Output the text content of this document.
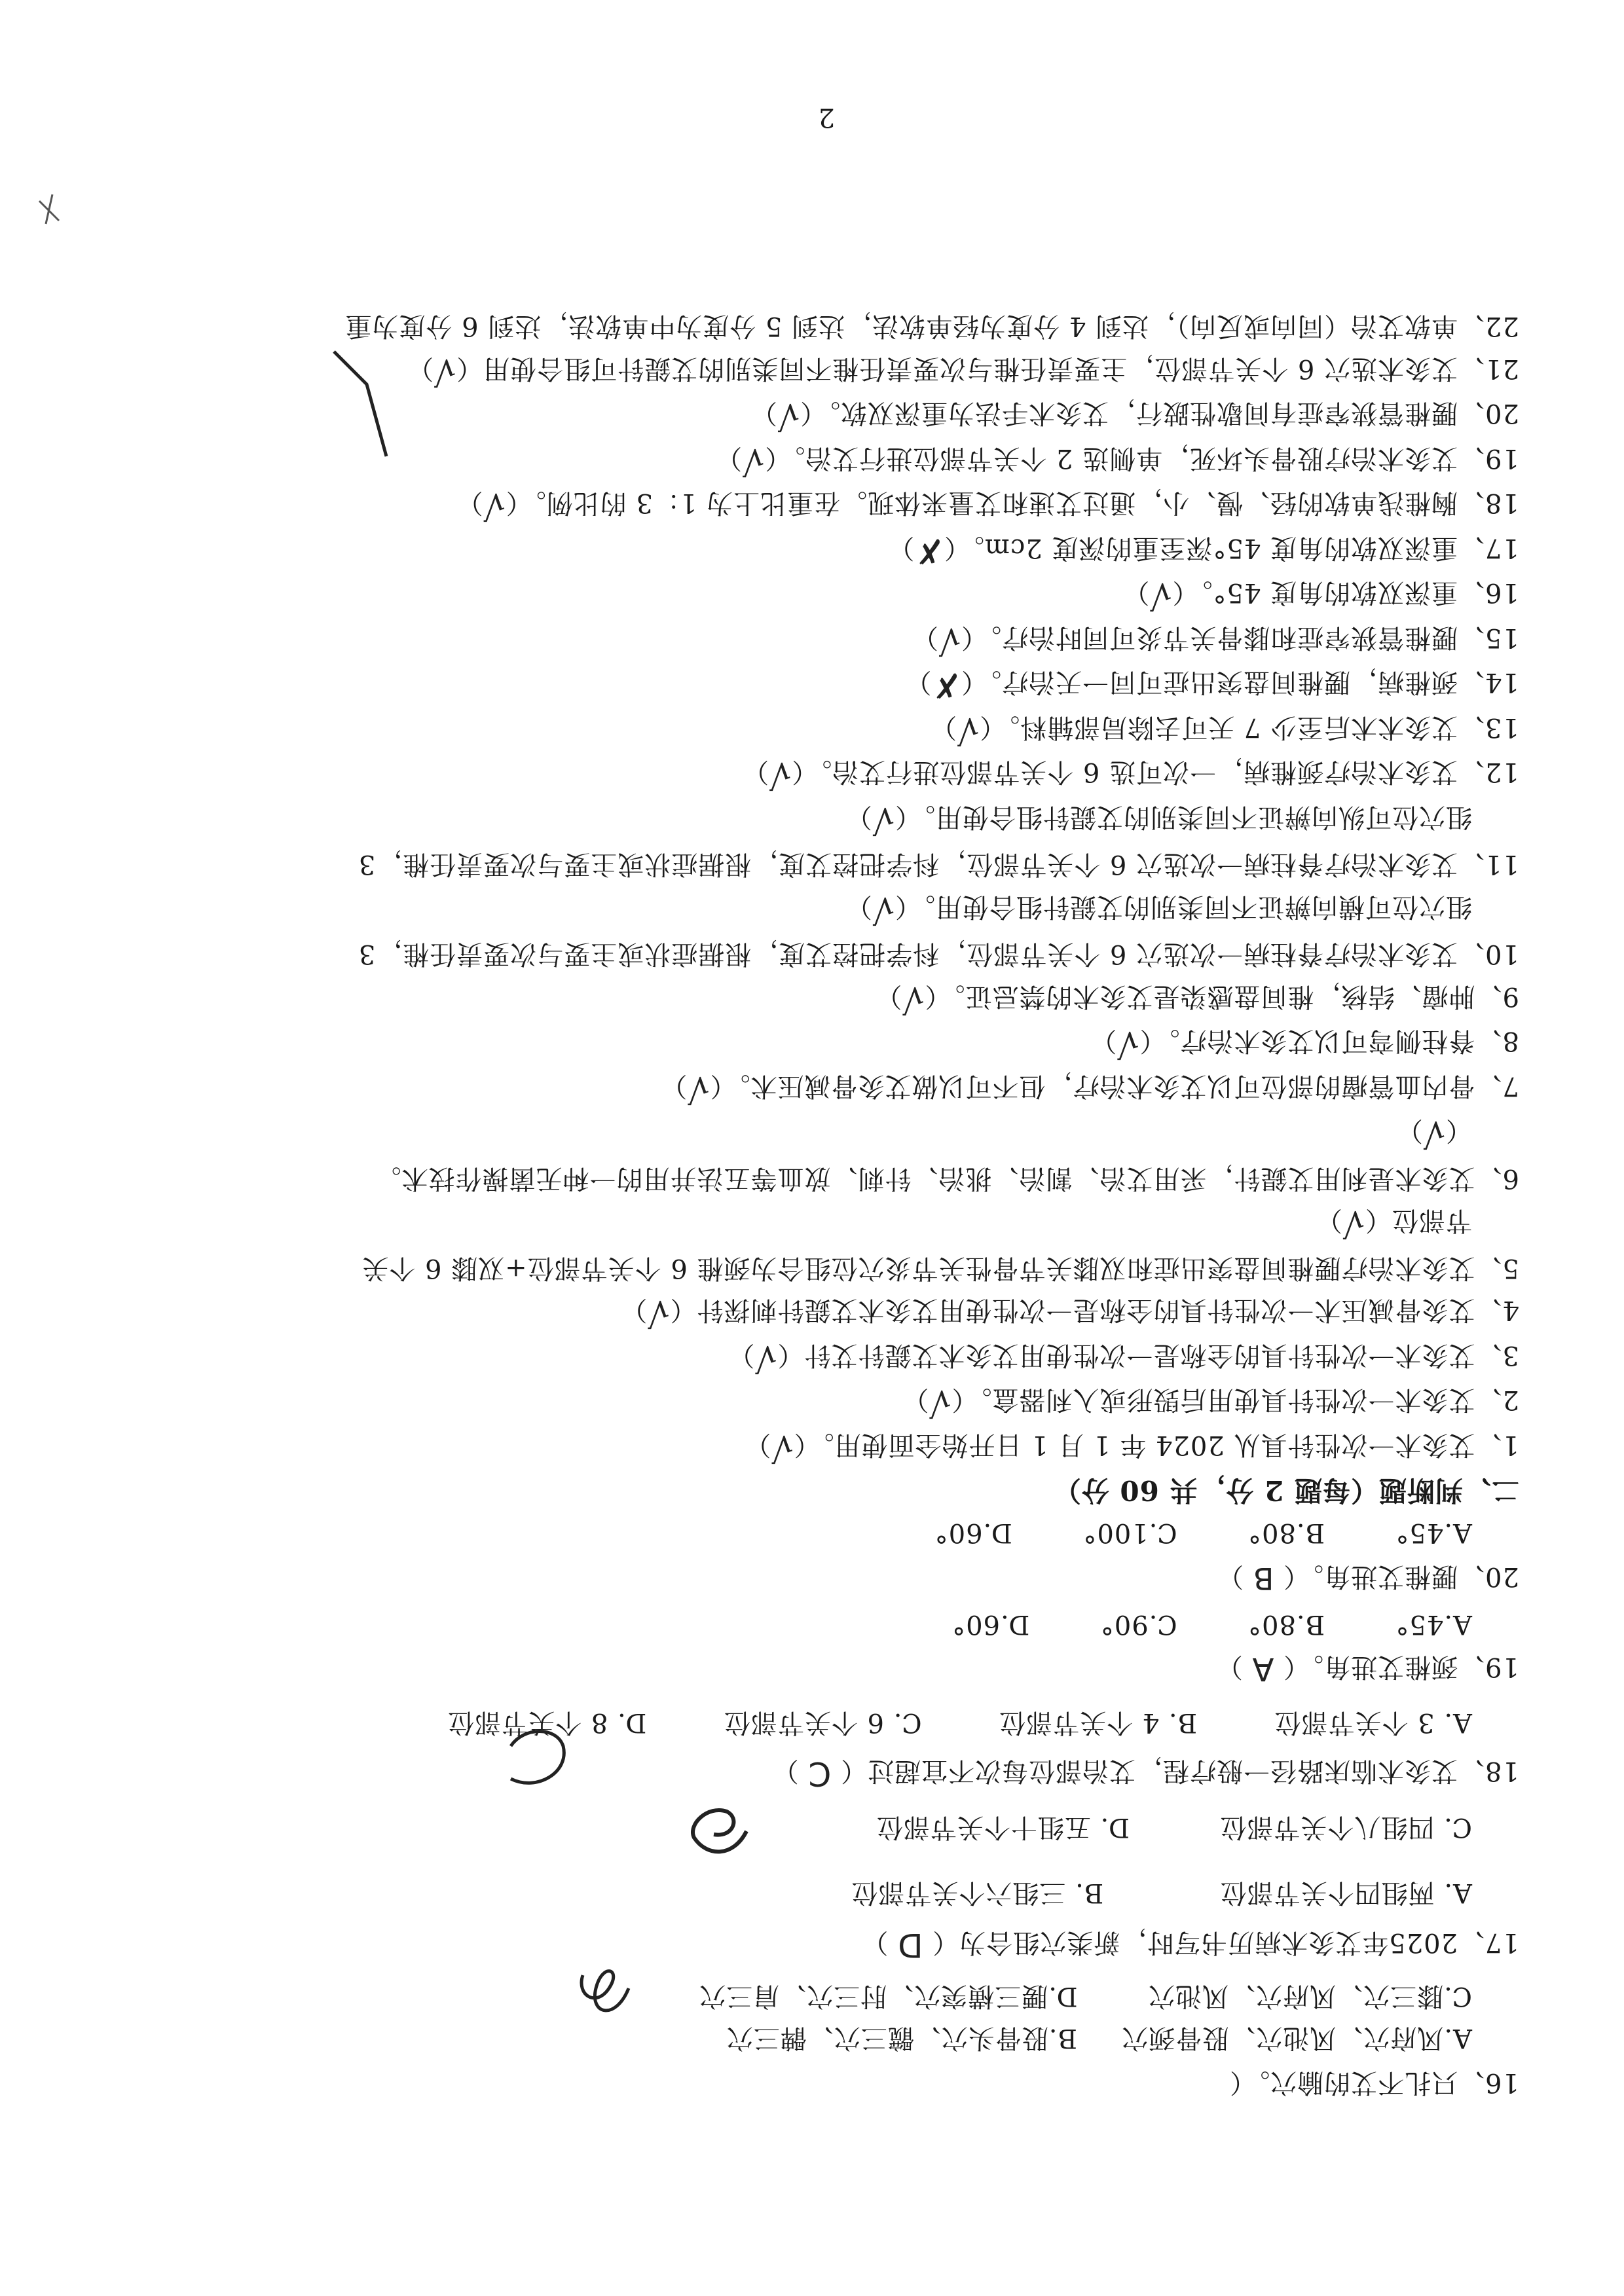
2
16、只扎不艾的腧穴。（
A.风府穴、风池穴、股骨颈穴  B.股骨头穴、髋三穴、髀三穴
C.膝三穴、风府穴、风池穴  D.腰三横突穴、肘三穴、肩三穴
17、2025年艾灸术病历书写时，新类穴组合为（ D ）
A. 两组四个关节部位  B. 三组六个关节部位
C. 四组八个关节部位  D. 五组十个关节部位
18、艾灸术临床路径一般疗程，艾治部位每次不宜超过（ C ）
A. 3 个关节部位  B. 4 个关节部位  C. 6 个关节部位  D. 8 个关节部位
19、颈椎艾进角。（ A ）
A.45°  B.80°  C.90°  D.60°
20、腰椎艾进角。（ B ）
A.45°  B.80°  C.100°  D.60°
二、判断题（每题 2 分，共 60 分）
1、艾灸术一次性针具从 2024 年 1 月 1 日开始全面使用。（√）
2、艾灸术一次性针具使用后毁形或入利器盒。（√）
3、艾灸术一次性针具的全称是一次性使用艾灸术艾鍉针艾针（√）
4、艾灸骨减压术一次性针具的全称是一次性使用艾灸术艾鍉针刺探针（√）
5、艾灸术治疗腰椎间盘突出症和双膝关节骨性关节炎穴位组合为颈椎 6 个关节部位+双膝 6 个关
节部位（√）
6、艾灸术是利用艾鍉针，采用艾治、割治、挑治、针刺、放血等五法并用的一种无菌操作技术。
（√）
7、骨内血管瘤的部位可以艾灸术治疗，但不可以做艾灸骨减压术。（√）
8、脊柱侧弯可以艾灸术治疗。（√）
9、肿瘤、结核，椎间盘感染是艾灸术的禁忌证。（√）
10、艾灸术治疗脊柱病一次选穴 6 个关节部位，科学把控艾度，根据症状或主要与次要责任椎，3
组穴位可横向辨证不同类别的艾鍉针组合使用。（√）
11、艾灸术治疗脊柱病一次选穴 6 个关节部位，科学把控艾度，根据症状或主要与次要责任椎，3
组穴位可纵向辨证不同类别的艾鍉针组合使用。（√）
12、艾灸术治疗颈椎病，一次可选 6 个关节部位进行艾治。（√）
13、艾灸术术后至少 7 天可去除局部辅料。（√）
14、颈椎病，腰椎间盘突出症可同一天治疗。（✗）
15、腰椎管狭窄症和膝骨关节炎可同时治疗。（√）
16、重深双软的角度 45°。（√）
17、重深双软的角度 45°深至重的深度 2cm。（✗）
18、胸椎浅单软的轻、慢、小，通过艾速和艾量来体现。在重比上为 1：3 的比例。（√）
19、艾灸术治疗股骨头坏死，单侧选 2 个关节部位进行艾治。（√）
20、腰椎管狭窄症有间歇性跛行，艾灸术手法为重深双软。（√）
21、艾灸术选穴 6 个关节部位，主要责任椎与次要责任椎不同类别的艾鍉针可组合使用（√）
22、单软艾治（同向或反向），达到 4 分度为轻单软法，达到 5 分度为中单软法，达到 6 分度为重
